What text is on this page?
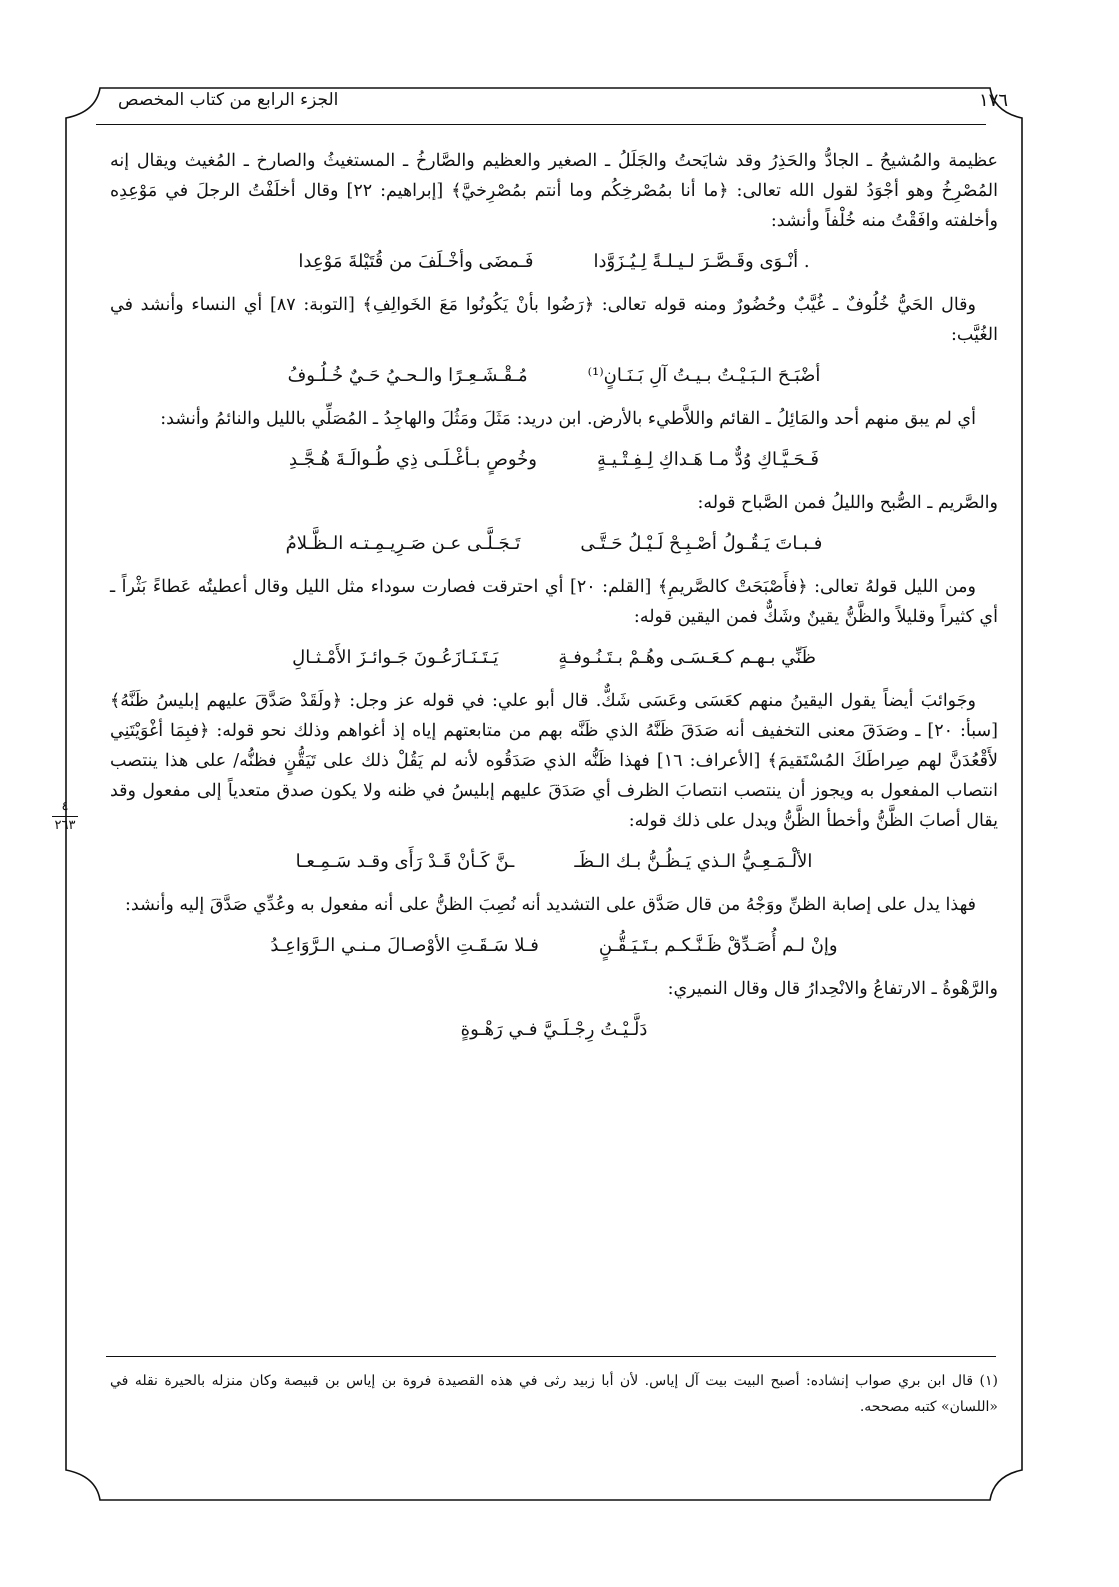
١٧٦
الجزء الرابع من كتاب المخصص
٤
٢٦٣

عظيمة والمُشيحُ ـ الجادُّ والحَذِرُ وقد شايَحتُ والجَلَلُ ـ الصغير والعظيم والصَّارخُ ـ المستغيثُ والصارخ ـ المُغيث ويقال إنه المُصْرِخُ وهو أجْوَدُ لقول الله تعالى: ﴿ما أنا بمُصْرخِكُم وما أنتم بمُصْرِخيَّ﴾ [إبراهيم: ٢٢] وقال أخلَفْتُ الرجلَ في مَوْعِدِه وأخلفته وافَقْتُ منه خُلْفاً وأنشد:

. أنْـوَى وقَـصَّـرَ لـيـلـةً لِـيُـزَوَّدا
فَـمضَى وأخْـلَفَ من قُتَيْلةَ مَوْعِدا

وقال الحَيُّ خُلُوفٌ ـ غُيَّبٌ وحُضُورٌ ومنه قوله تعالى: ﴿رَضُوا بأنْ يَكُونُوا مَعَ الخَوالِفِ﴾ [التوبة: ٨٧] أي النساء وأنشد في الغُيَّب:

أضْبَـحَ الـبَـيْـتُ بـيـتُ آلِ بَـنَـانٍ⁽¹⁾
مُـقْـشَـعِـرًا والـحـيُ حَـيٌ خُـلُـوفُ

أي لم يبق منهم أحد والمَائِلُ ـ القائم واللاَّطيء بالأرض. ابن دريد: مَثَلَ ومَثُلَ والهاجِدُ ـ المُصَلِّي بالليل والنائمُ وأنشد:

فَـحَـيَّـاكِ وُدٌّ مـا هَـداكِ لِـفِـتْـيـةٍ
وخُوصٍ بـأغْـلَـى ذِي طُـوالَـةَ هُـجَّـدِ

والصَّريم ـ الصُّبح والليلُ فمن الصَّباح قوله:

فـبـاتَ يَـقُـولُ أصْـبِـحْ لَـيْـلُ حَـتَّـى
تَـجَـلَّـى عـن صَـرِيـمِـتـه الـظَّـلامُ

ومن الليل قولهُ تعالى: ﴿فأَصْبَحَتْ كالصَّريمِ﴾ [القلم: ٢٠] أي احترقت فصارت سوداء مثل الليل وقال أعطيتُه عَطاءً بَثْراً ـ أي كثيراً وقليلاً والظَّنُّ يقينٌ وشَكٌّ فمن اليقين قوله:

ظَنِّي بـهـم كـعَـسَـى وهُـمْ بـتَـنُـوفـةٍ
يَـتَـنَـازَعُـونَ جَـوائـزَ الأَمْـثـالِ

وجَوائبَ أيضاً يقول اليقينُ منهم كعَسَى وعَسَى شَكٌّ. قال أبو علي: في قوله عز وجل: ﴿ولَقَدْ صَدَّقَ عليهم إبليسُ ظَنَّهُ﴾ [سبأ: ٢٠] ـ وصَدَقَ معنى التخفيف أنه صَدَقَ ظَنَّهُ الذي ظَنَّه بهم من متابعتهم إياه إذ أغواهم وذلك نحو قوله: ﴿فبِمَا أغْوَيْتَنِي لأَقْعُدَنَّ لهم صِراطَكَ المُسْتَقيمَ﴾ [الأعراف: ١٦] فهذا ظَنُّه الذي صَدَقُوه لأنه لم يَقُلْ ذلك على تَيَقُّنٍ فظنُّه/ على هذا ينتصب انتصاب المفعول به ويجوز أن ينتصب انتصابَ الظرف أي صَدَقَ عليهم إبليسُ في ظنه ولا يكون صدق متعدياً إلى مفعول وقد يقال أصابَ الظَّنُّ وأخطأ الظَّنُّ ويدل على ذلك قوله:

الألْـمَـعِـيُّ الـذي يَـظُـنُّ بـك الـظَـ
ـنَّ كَـأنْ قَـدْ رَأَى وقـد سَـمِـعـا

فهذا يدل على إصابة الظنِّ ووَجْهُ من قال صَدَّق على التشديد أنه نُصِبَ الظنُّ على أنه مفعول به وعُدِّي صَدَّقَ إليه وأنشد:

وإنْ لـم أُصَـدِّقْ ظَـنَّـكـم بـتَـيَـقُّـنٍ
فـلا سَـقَـتِ الأوْصـالَ مـنـي الـرَّوَاعِـدُ

والرَّهْوةُ ـ الارتفاعُ والانْحِدارُ قال وقال النميري:

دَلَّـيْـتُ رِجْـلَـيَّ فـي رَهْـوةٍ
(١) قال ابن بري صواب إنشاده: أصبح البيت بيت آل إياس. لأن أبا زبيد رثى في هذه القصيدة فروة بن إياس بن قبيصة وكان منزله بالحيرة نقله في «اللسان» كتبه مصححه.
